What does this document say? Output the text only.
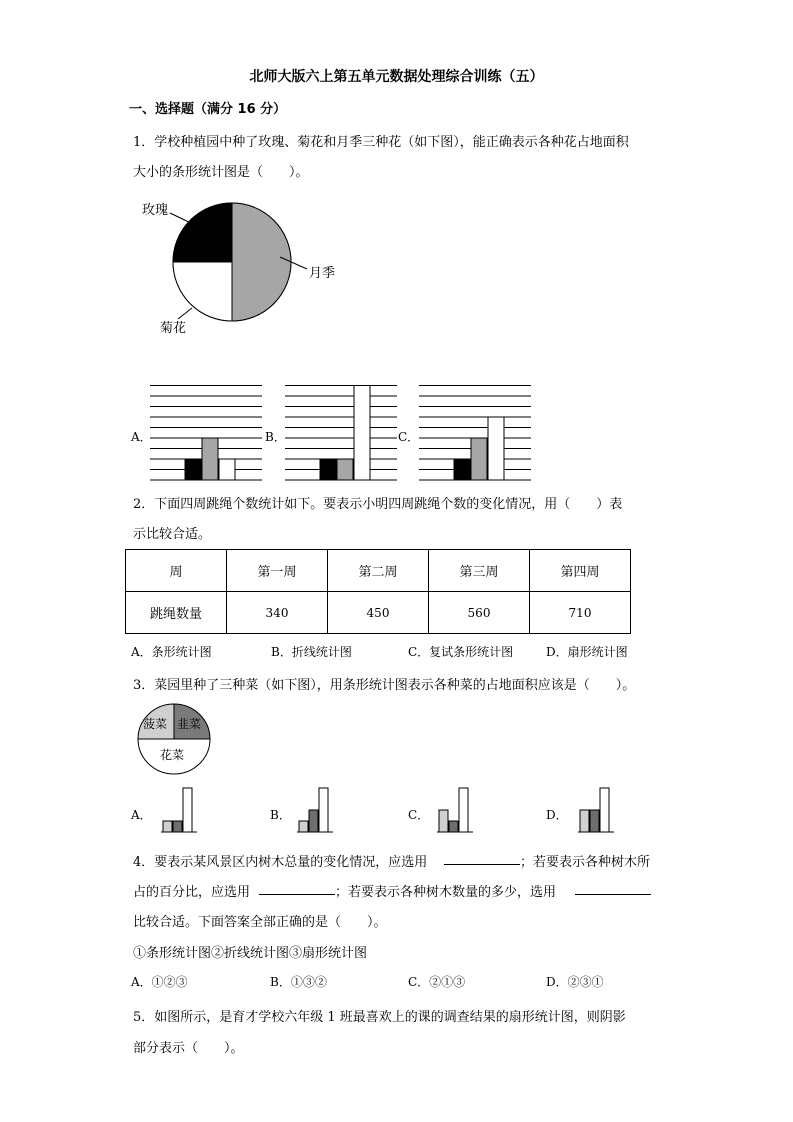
北师大版六上第五单元数据处理综合训练（五）
一、选择题（满分 16 分）
1．学校种植园中种了玫瑰、菊花和月季三种花（如下图），能正确表示各种花占地面积
大小的条形统计图是（　　）。
玫瑰
月季
菊花
A．	B．	C．
2．下面四周跳绳个数统计如下。要表示小明四周跳绳个数的变化情况，用（　　）表
示比较合适。
周	第一周	第二周	第三周	第四周
跳绳数量	340	450	560	710
A．条形统计图	B．折线统计图	C．复试条形统计图	D．扇形统计图
3．菜园里种了三种菜（如下图），用条形统计图表示各种菜的占地面积应该是（　　）。
菠菜 韭菜
花菜
A．	B．	C．	D．
4．要表示某风景区内树木总量的变化情况，应选用	；若要表示各种树木所
占的百分比，应选用	；若要表示各种树木数量的多少，选用
比较合适。下面答案全部正确的是（　　）。
①条形统计图②折线统计图③扇形统计图
A．①②③	B．①③②	C．②①③	D．②③①
5．如图所示，是育才学校六年级 1 班最喜欢上的课的调查结果的扇形统计图，则阴影
部分表示（　　）。
